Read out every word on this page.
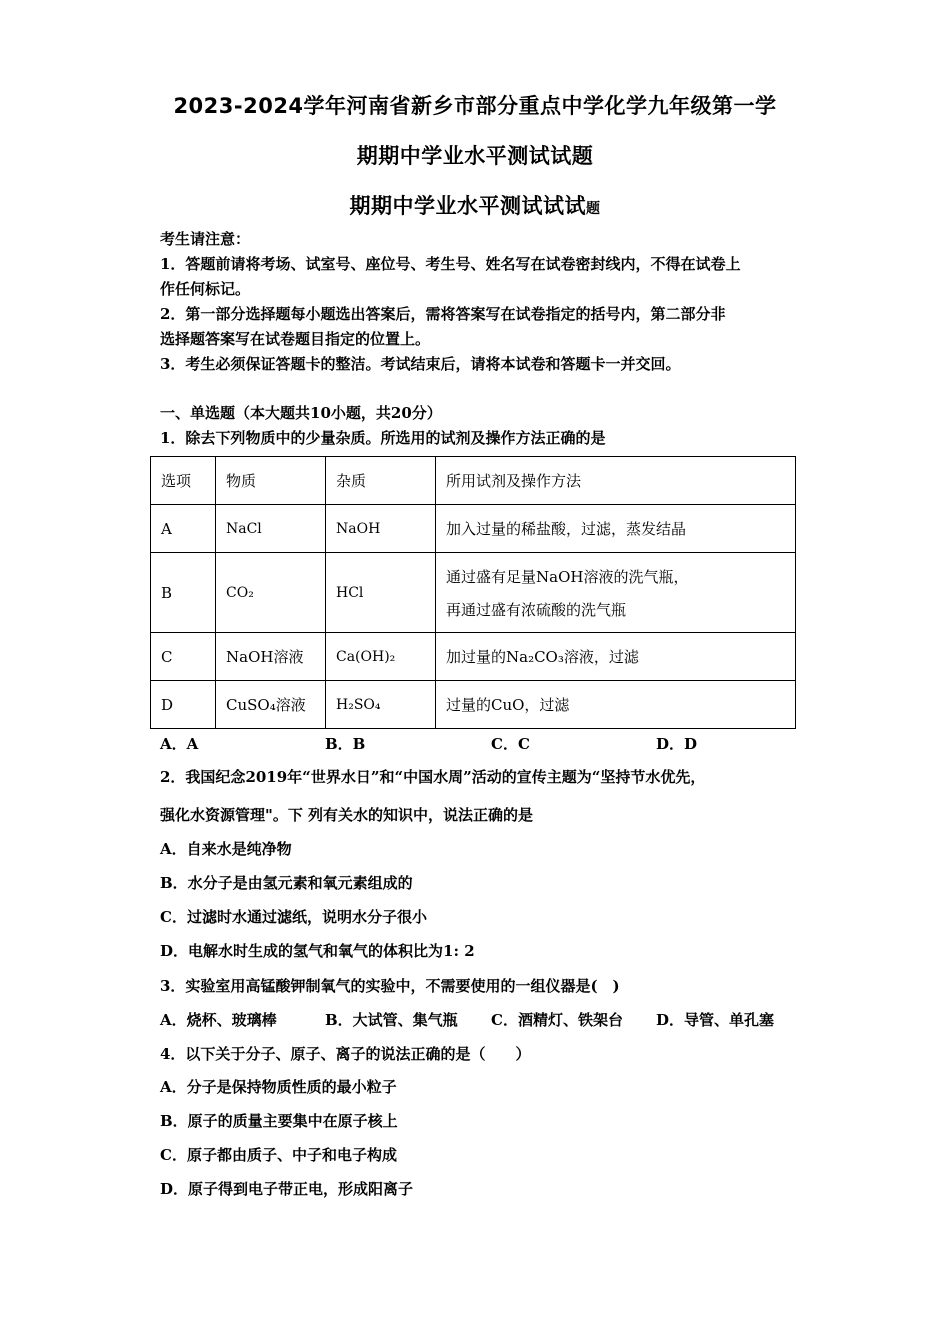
2023-2024学年河南省新乡市部分重点中学化学九年级第一学
期期中学业水平测试试题
期期中学业水平测试试试题
考生请注意：
1．答题前请将考场、试室号、座位号、考生号、姓名写在试卷密封线内，不得在试卷上
作任何标记。
2．第一部分选择题每小题选出答案后，需将答案写在试卷指定的括号内，第二部分非
选择题答案写在试卷题目指定的位置上。
3．考生必须保证答题卡的整洁。考试结束后，请将本试卷和答题卡一并交回。
一、单选题（本大题共10小题，共20分）
1．除去下列物质中的少量杂质。所选用的试剂及操作方法正确的是
选项	物质	杂质	所用试剂及操作方法
A	NaCl	NaOH	加入过量的稀盐酸，过滤，蒸发结晶
B	CO₂	HCl	通过盛有足量NaOH溶液的洗气瓶，
再通过盛有浓硫酸的洗气瓶

C	NaOH溶液	Ca(OH)₂	加过量的Na₂CO₃溶液，过滤
D	CuSO₄溶液	H₂SO₄	过量的CuO，过滤
A．A	B．B	C．C	D．D
2．我国纪念2019年“世界水日”和“中国水周”活动的宣传主题为“坚持节水优先，
强化水资源管理"。下 列有关水的知识中，说法正确的是
A．自来水是纯净物
B．水分子是由氢元素和氧元素组成的
C．过滤时水通过滤纸，说明水分子很小
D．电解水时生成的氢气和氧气的体积比为1: 2
3．实验室用高锰酸钾制氧气的实验中，不需要使用的一组仪器是(　)
A．烧杯、玻璃棒	B．大试管、集气瓶 C．酒精灯、铁架台 D．导管、单孔塞
4．以下关于分子、原子、离子的说法正确的是（　　）
A．分子是保持物质性质的最小粒子
B．原子的质量主要集中在原子核上
C．原子都由质子、中子和电子构成
D．原子得到电子带正电，形成阳离子
